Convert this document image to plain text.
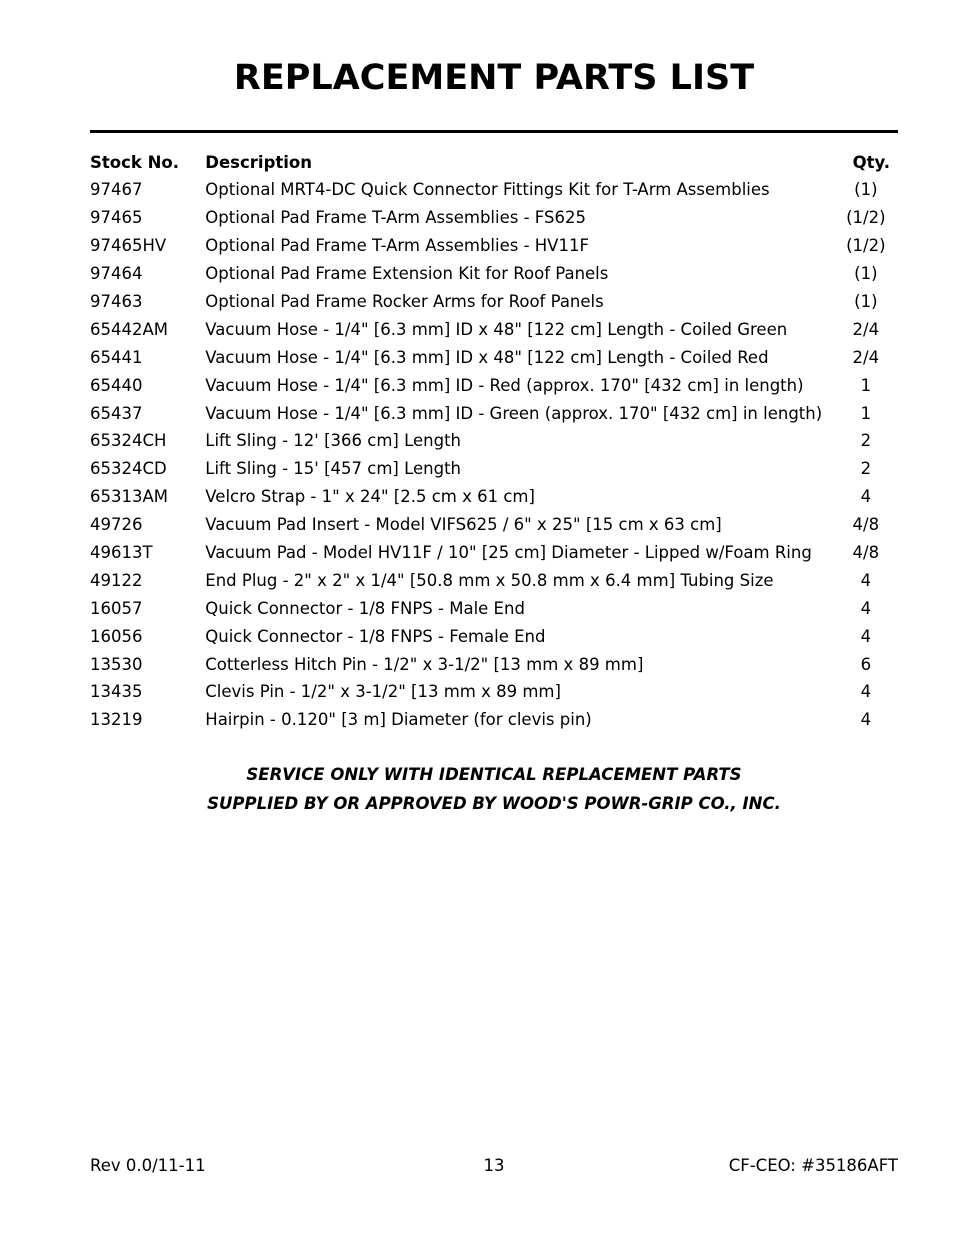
REPLACEMENT PARTS LIST
Stock No.	Description	Qty.
97467	Optional MRT4-DC Quick Connector Fittings Kit for T-Arm Assemblies	(1)
97465	Optional Pad Frame T-Arm Assemblies - FS625	(1/2)
97465HV	Optional Pad Frame T-Arm Assemblies - HV11F	(1/2)
97464	Optional Pad Frame Extension Kit for Roof Panels	(1)
97463	Optional Pad Frame Rocker Arms for Roof Panels	(1)
65442AM	Vacuum Hose - 1/4" [6.3 mm] ID x 48" [122 cm] Length - Coiled Green	2/4
65441	Vacuum Hose - 1/4" [6.3 mm] ID x 48" [122 cm] Length - Coiled Red	2/4
65440	Vacuum Hose - 1/4" [6.3 mm] ID - Red (approx. 170" [432 cm] in length)	1
65437	Vacuum Hose - 1/4" [6.3 mm] ID - Green (approx. 170" [432 cm] in length)	1
65324CH	Lift Sling - 12' [366 cm] Length	2
65324CD	Lift Sling - 15' [457 cm] Length	2
65313AM	Velcro Strap - 1" x 24" [2.5 cm x 61 cm]	4
49726	Vacuum Pad Insert - Model VIFS625 / 6" x 25" [15 cm x 63 cm]	4/8
49613T	Vacuum Pad - Model HV11F / 10" [25 cm] Diameter - Lipped w/Foam Ring	4/8
49122	End Plug - 2" x 2" x 1/4" [50.8 mm x 50.8 mm x 6.4 mm] Tubing Size	4
16057	Quick Connector - 1/8 FNPS - Male End	4
16056	Quick Connector - 1/8 FNPS - Female End	4
13530	Cotterless Hitch Pin - 1/2" x 3-1/2" [13 mm x 89 mm]	6
13435	Clevis Pin - 1/2" x 3-1/2" [13 mm x 89 mm]	4
13219	Hairpin - 0.120" [3 m] Diameter (for clevis pin)	4
SERVICE ONLY WITH IDENTICAL REPLACEMENT PARTS
SUPPLIED BY OR APPROVED BY WOOD'S POWR-GRIP CO., INC.
Rev 0.0/11-11	13	CF-CEO: #35186AFT
